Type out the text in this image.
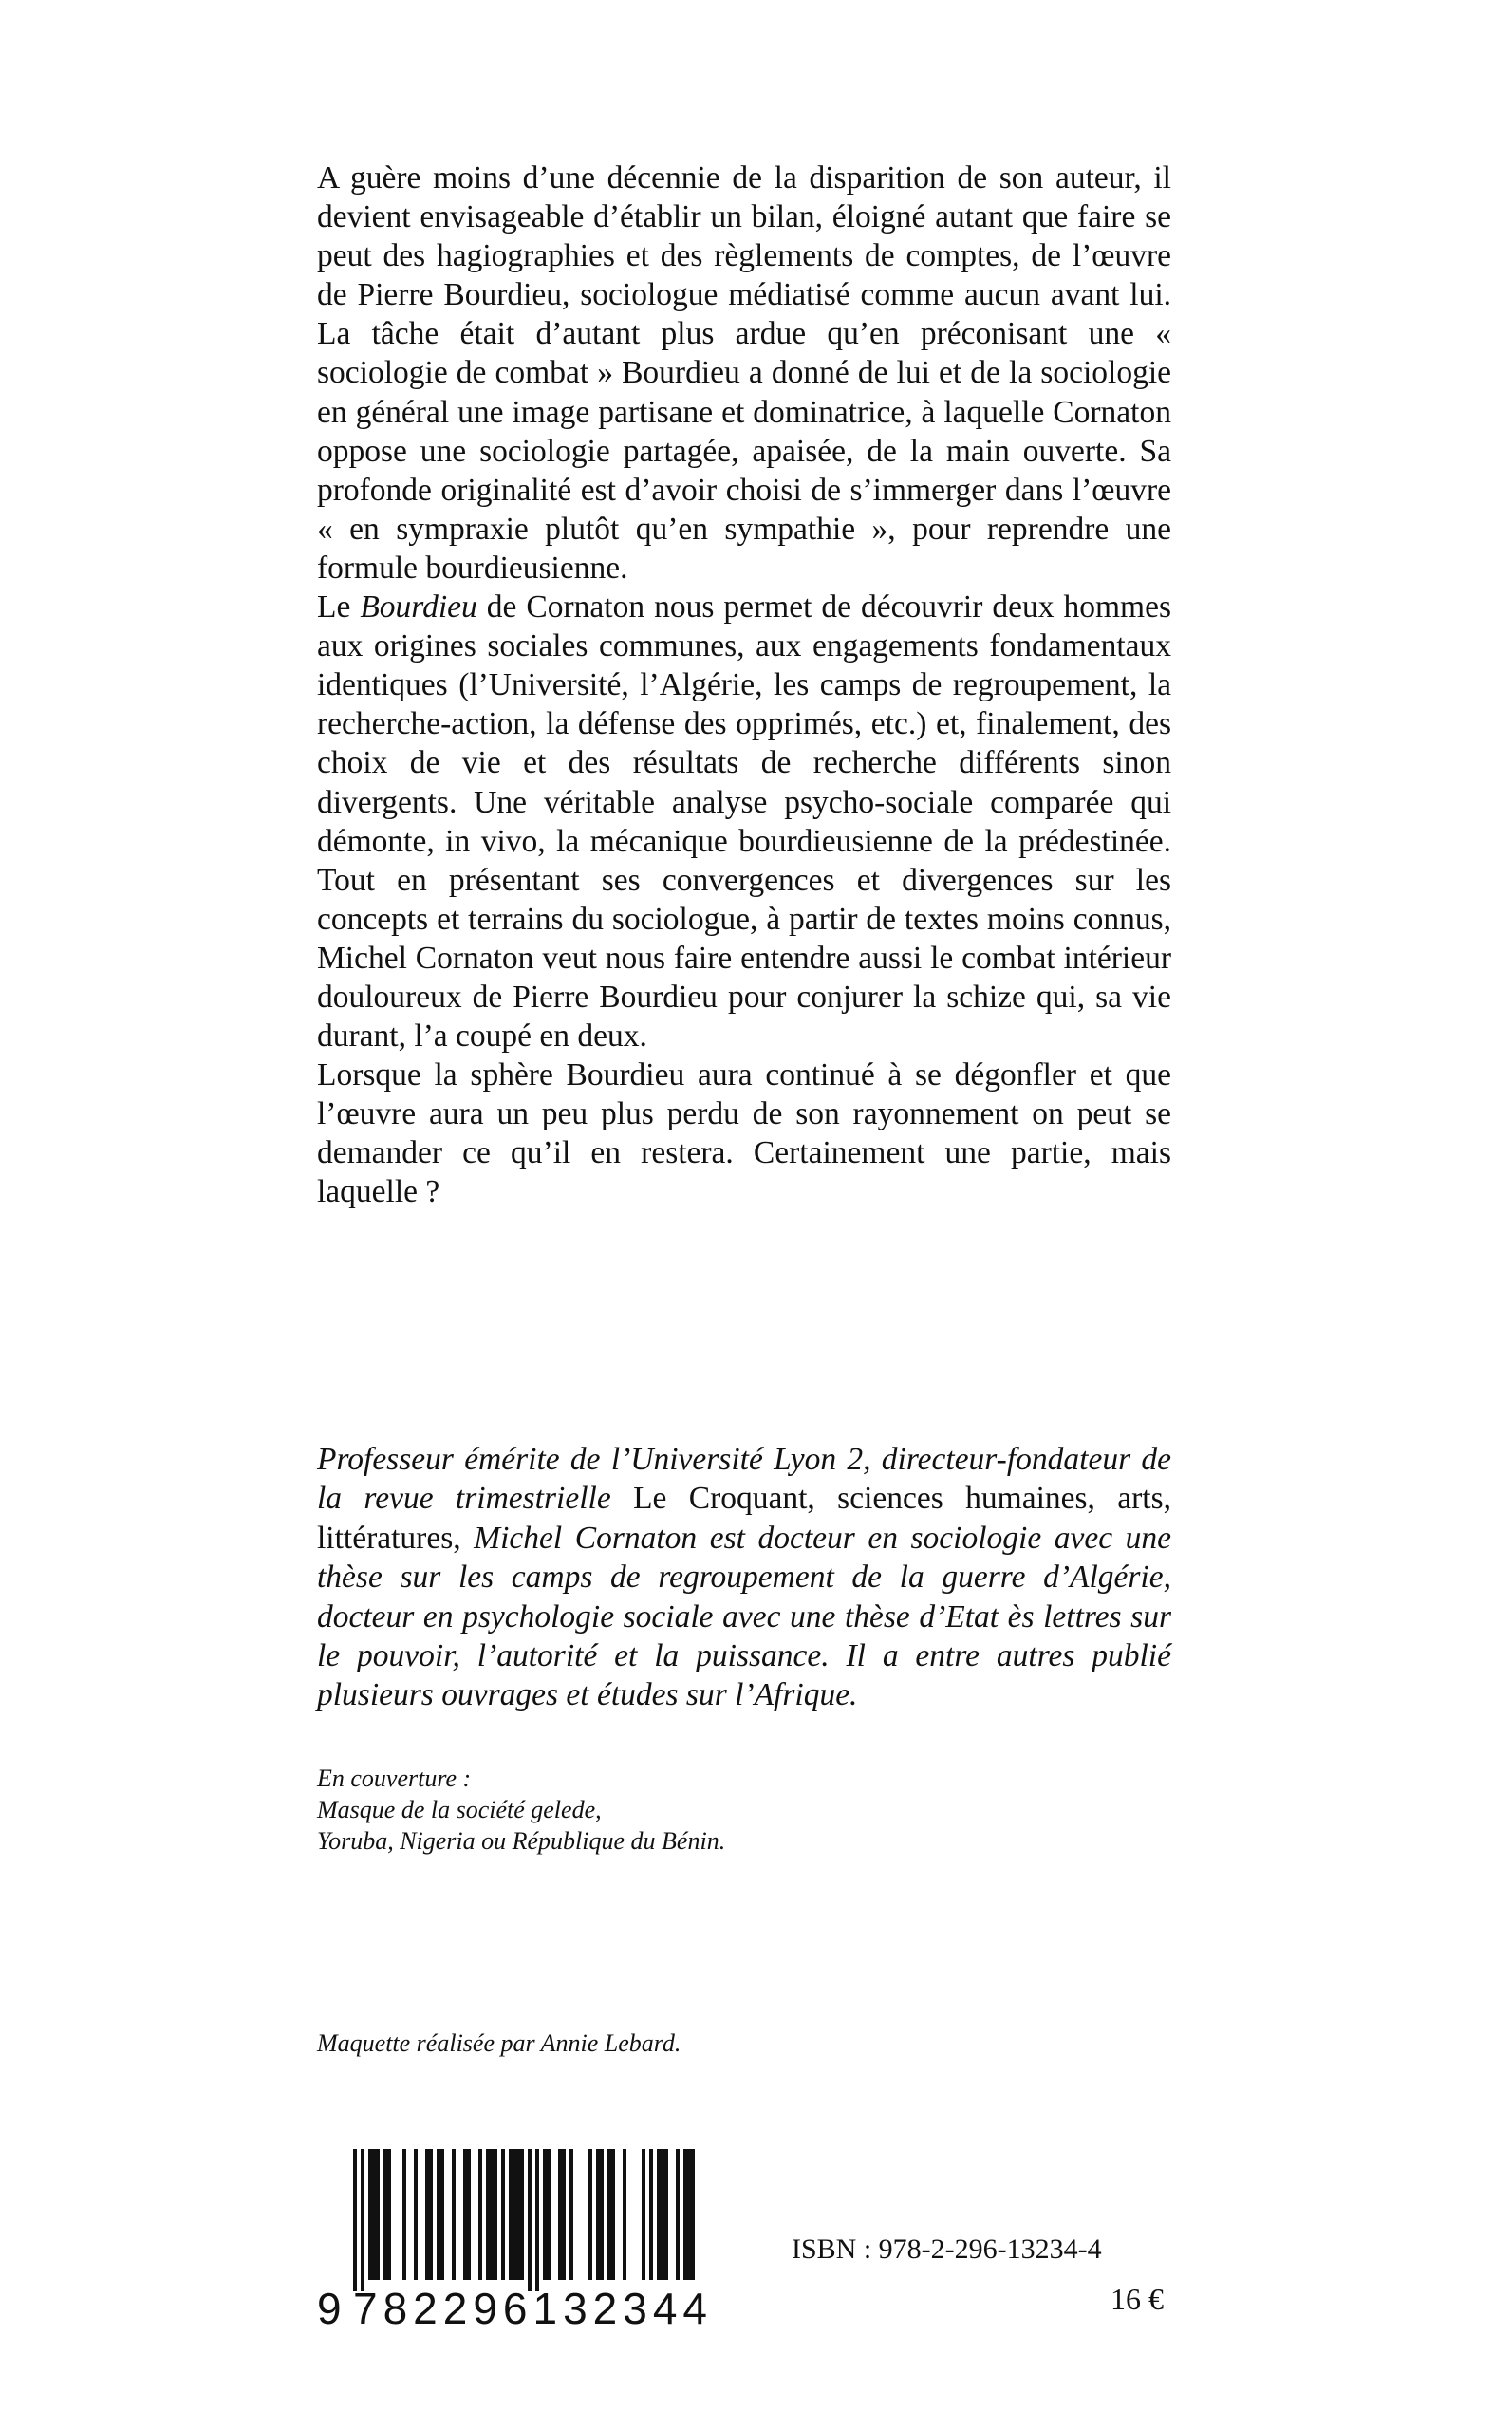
A guère moins d’une décennie de la disparition de son auteur, il devient envisageable d’établir un bilan, éloigné autant que faire se peut des hagiographies et des règlements de comptes, de l’œuvre de Pierre Bourdieu, sociologue médiatisé comme aucun avant lui. La tâche était d’autant plus ardue qu’en préconisant une « sociologie de combat » Bourdieu a donné de lui et de la sociologie en général une image partisane et dominatrice, à laquelle Cornaton oppose une sociologie partagée, apaisée, de la main ouverte. Sa profonde originalité est d’avoir choisi de s’immerger dans l’œuvre « en sympraxie plutôt qu’en sympathie », pour reprendre une formule bourdieusienne.

Le Bourdieu de Cornaton nous permet de découvrir deux hommes aux origines sociales communes, aux engagements fondamentaux identiques (l’Université, l’Algérie, les camps de regroupement, la recherche-action, la défense des opprimés, etc.) et, finalement, des choix de vie et des résultats de recherche différents sinon divergents. Une véritable analyse psycho-sociale comparée qui démonte, in vivo, la mécanique bourdieusienne de la prédestinée. Tout en présentant ses convergences et divergences sur les concepts et terrains du sociologue, à partir de textes moins connus, Michel Cornaton veut nous faire entendre aussi le combat intérieur douloureux de Pierre Bourdieu pour conjurer la schize qui, sa vie durant, l’a coupé en deux.

Lorsque la sphère Bourdieu aura continué à se dégonfler et que l’œuvre aura un peu plus perdu de son rayonnement on peut se demander ce qu’il en restera. Certainement une partie, mais laquelle ?

Professeur émérite de l’Université Lyon 2, directeur-fondateur de la revue trimestrielle Le Croquant, sciences humaines, arts, littératures, Michel Cornaton est docteur en sociologie avec une thèse sur les camps de regroupement de la guerre d’Algérie, docteur en psychologie sociale avec une thèse d’Etat ès lettres sur le pouvoir, l’autorité et la puissance. Il a entre autres publié plusieurs ouvrages et études sur l’Afrique.

En couverture :
Masque de la société gelede,
Yoruba, Nigeria ou République du Bénin.
Maquette réalisée par Annie Lebard.
9 782296132344
ISBN : 978-2-296-13234-4
16 €
